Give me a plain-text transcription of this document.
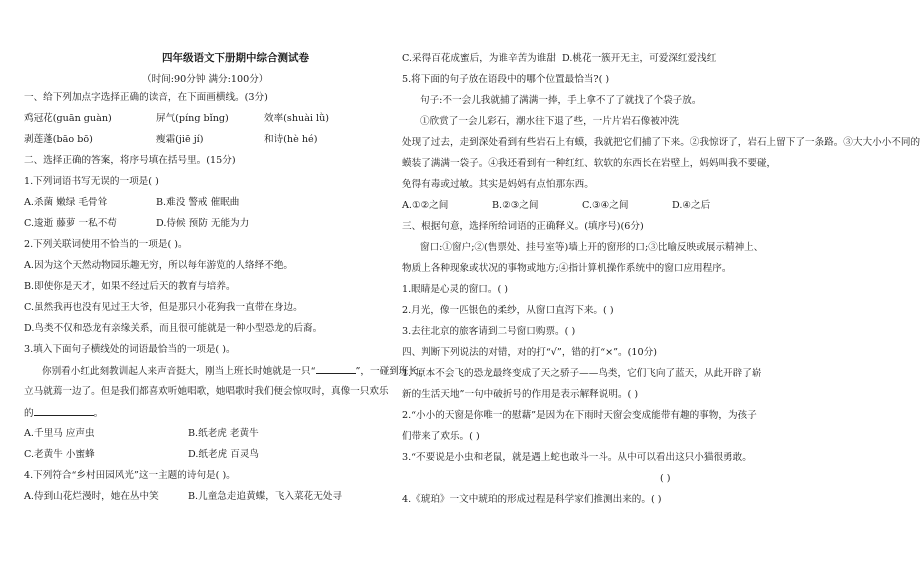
四年级语文下册期中综合测试卷
（时间:90分钟 满分:100分）
一、给下列加点字选择正确的读音，在下面画横线。(3分)
鸡冠花(guān guàn)	屏气(píng bǐng)	效率(shuài lǜ)
剥莲蓬(bāo bō)	瘦霜(jiē jí)	和诗(hè hé)
二、选择正确的答案，将序号填在括号里。(15分)
1.下列词语书写无误的一项是( )
A.杀菌 嫩绿 毛骨耸	B.难没 警戒 催眠曲
C.逡逝 藤萝 一私不苟	D.侍候 预防 无能为力
2.下列关联词使用不恰当的一项是( )。
A.因为这个天然动物园乐趣无穷，所以每年游览的人络绎不绝。
B.即使你是天才，如果不经过后天的教育与培养。
C.虽然我再也没有见过王大爷，但是那只小花狗我一直带在身边。
D.鸟类不仅和恐龙有亲缘关系，而且很可能就是一种小型恐龙的后裔。
3.填入下面句子横线处的词语最恰当的一项是( )。
你别看小红此刻教训起人来声音挺大，刚当上班长时她就是一只“	”，一碰到班长，
立马就蔫一边了。但是我们都喜欢听她唱歌，她唱歌时我们便会惊叹时，真像一只欢乐
的	。
A.千里马 应声虫	B.纸老虎 老黄牛
C.老黄牛 小蜜蜂	D.纸老虎 百灵鸟
4.下列符合“乡村田园风光”这一主题的诗句是( )。
A.侍到山花烂漫时，她在丛中笑	B.儿童急走追黄蝶，飞入菜花无处寻
C.采得百花成蜜后，为谁辛苦为谁甜 D.桃花一簇开无主，可爱深红爱浅红
5.将下面的句子放在语段中的哪个位置最恰当?( )
句子:不一会儿我就捕了满满一捧，手上拿不了了就找了个袋子放。
①欣赏了一会儿彩石，潮水往下退了些，一片片岩石像被冲洗
处现了过去，走到深处看到有些岩石上有蟆，我就把它们捕了下来。②我惊讶了，岩石上留下了一条路。③大大小小不同的
蟆装了满满一袋子。④我还看到有一种红红、软软的东西长在岩壁上，妈妈叫我不要碰，
免得有毒或过敏。其实是妈妈有点怕那东西。
A.①②之间	B.②③之间	C.③④之间	D.④之后
三、根据句意，选择所给词语的正确释义。(填序号)(6分)
窗口:①窗户;②(售票处、挂号室等)墙上开的窗形的口;③比喻反映或展示精神上、
物质上各种现象或状况的事物或地方;④指计算机操作系统中的窗口应用程序。
1.眼睛是心灵的窗口。( )
2.月光，像一匹银色的柔纱，从窗口直泻下来。( )
3.去往北京的旅客请到二号窗口购票。( )
四、判断下列说法的对错，对的打“√”，错的打“×”。(10分)
1.“原本不会飞的恐龙最终变成了天之骄子——鸟类，它们飞向了蓝天，从此开辟了崭
新的生活天地”一句中破折号的作用是表示解释说明。( )
2.“小小的天窗是你唯一的慰藉”是因为在下雨时天窗会变成能带有趣的事物，为孩子
们带来了欢乐。( )
3.“不要说是小虫和老鼠，就是遇上蛇也敢斗一斗。从中可以看出这只小猫很勇敢。
( )
4.《琥珀》一文中琥珀的形成过程是科学家们推测出来的。( )
